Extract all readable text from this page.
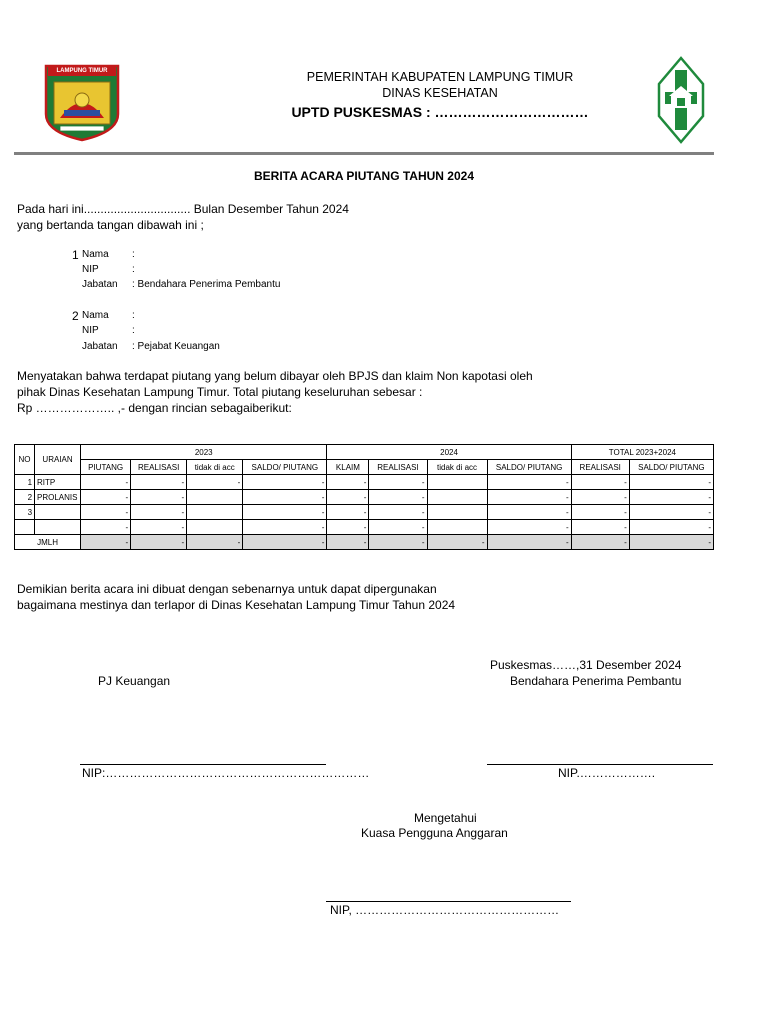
LAMPUNG TIMUR	PEMERINTAH KABUPATEN LAMPUNG TIMUR
DINAS KESEHATAN
UPTD PUSKESMAS : ……………………………
BERITA ACARA PIUTANG TAHUN 2024
Pada hari ini................................ Bulan Desember Tahun 2024
yang bertanda tangan dibawah ini ;
1 Nama :
NIP	:
Jabatan : Bendahara Penerima Pembantu
2 Nama :
NIP	:
Jabatan : Pejabat Keuangan
Menyatakan bahwa terdapat piutang yang belum dibayar oleh BPJS dan klaim Non kapotasi oleh
pihak Dinas Kesehatan Lampung Timur. Total piutang keseluruhan sebesar :
Rp ……………….. ,- dengan rincian sebagaiberikut:
NO	URAIAN	2023				2024				TOTAL 2023+2024	
		PIUTANG	REALISASI	tidak di acc	SALDO/ PIUTANG	KLAIM	REALISASI	tidak di acc	SALDO/ PIUTANG	REALISASI	SALDO/ PIUTANG
1	RITP	-	-	-	-	-	-		-	-	-
2	PROLANIS	-	-		-	-	-		-	-	-
3		-	-		-	-	-		-	-	-
		-	-		-	-	-		-	-	-
JMLH		-	-	-	-	-	-	-	-	-	-
Demikian berita acara ini dibuat dengan sebenarnya untuk dapat dipergunakan
bagaimana mestinya dan terlapor di Dinas Kesehatan Lampung Timur Tahun 2024
Puskesmas……,31 Desember 2024
PJ Keuangan	Bendahara Penerima Pembantu
NIP:…………………………………………………………	NIP.……………….
Mengetahui
Kuasa Pengguna Anggaran
NIP, ……………………………………………
